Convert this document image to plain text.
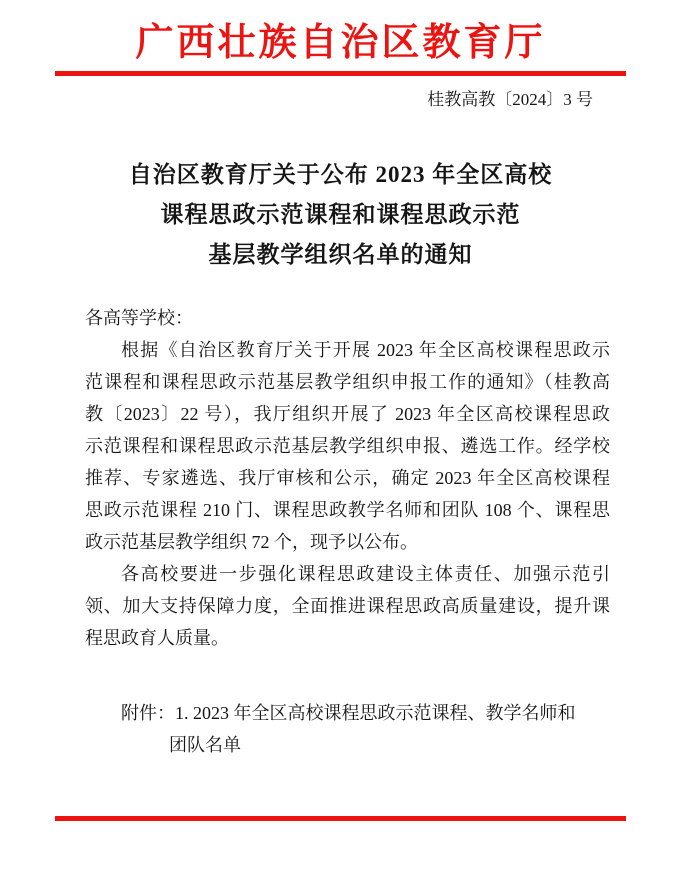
广西壮族自治区教育厅
桂教高教〔2024〕3 号
自治区教育厅关于公布 2023 年全区高校
课程思政示范课程和课程思政示范
基层教学组织名单的通知
各高等学校：
根据《自治区教育厅关于开展 2023 年全区高校课程思政示
范课程和课程思政示范基层教学组织申报工作的通知》（桂教高
教〔2023〕22 号），我厅组织开展了 2023 年全区高校课程思政
示范课程和课程思政示范基层教学组织申报、遴选工作。经学校
推荐、专家遴选、我厅审核和公示，确定 2023 年全区高校课程
思政示范课程 210 门、课程思政教学名师和团队 108 个、课程思
政示范基层教学组织 72 个，现予以公布。
各高校要进一步强化课程思政建设主体责任、加强示范引
领、加大支持保障力度，全面推进课程思政高质量建设，提升课
程思政育人质量。
附件：1. 2023 年全区高校课程思政示范课程、教学名师和
团队名单
